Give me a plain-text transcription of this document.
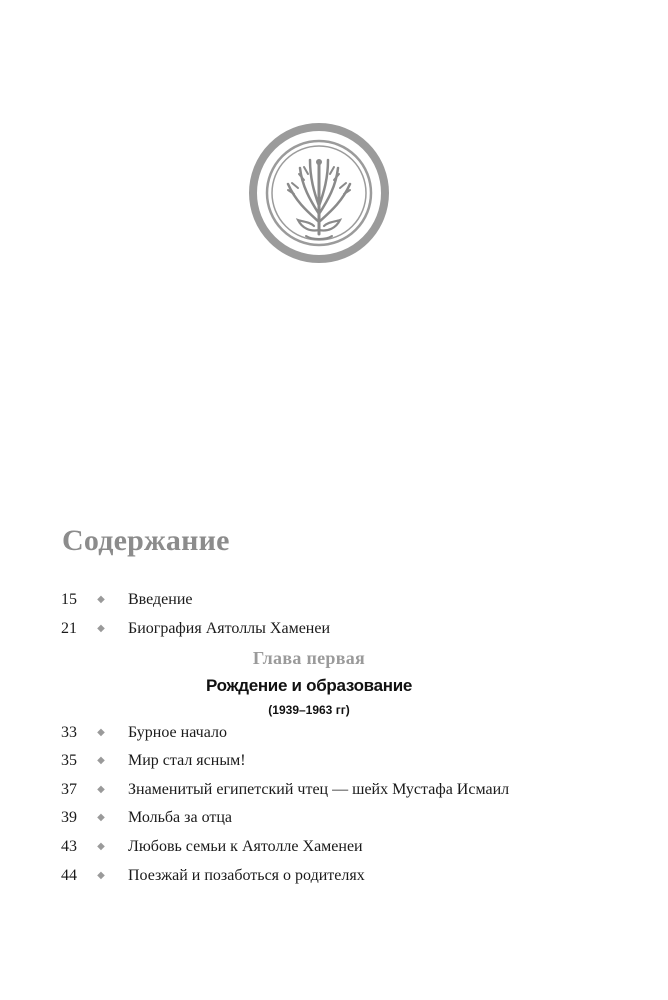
Содержание
15	◆ Введение
21	◆ Биография Аятоллы Хаменеи
Глава первая
Рождение и образование
(1939–1963 гг)
33	◆ Бурное начало
35	◆ Мир стал ясным!
37	◆ Знаменитый египетский чтец — шейх Мустафа Исмаил
39	◆ Мольба за отца
43	◆ Любовь семьи к Аятолле Хаменеи
44	◆ Поезжай и позаботься о родителях
